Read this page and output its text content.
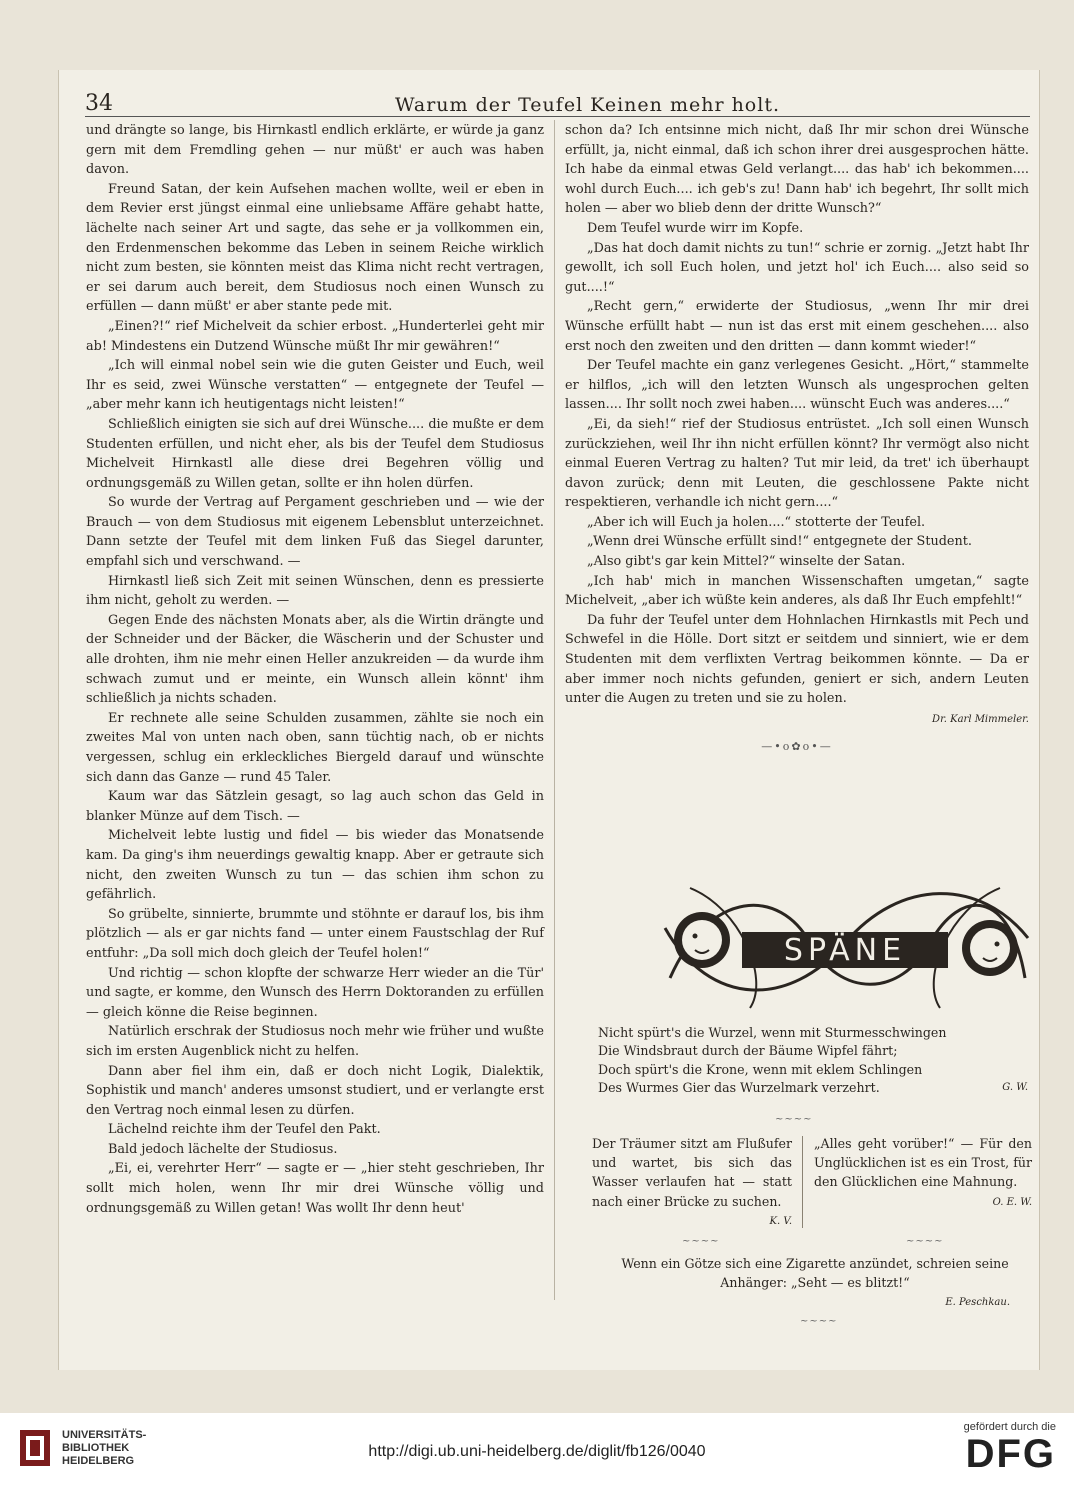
34	Warum der Teufel Keinen mehr holt.

und drängte so lange, bis Hirnkastl endlich erklärte, er würde ja ganz gern mit dem Fremdling gehen — nur müßt' er auch was haben davon.

Freund Satan, der kein Aufsehen machen wollte, weil er eben in dem Revier erst jüngst einmal eine unliebsame Affäre gehabt hatte, lächelte nach seiner Art und sagte, das sehe er ja vollkommen ein, den Erdenmenschen bekomme das Leben in seinem Reiche wirklich nicht zum besten, sie könnten meist das Klima nicht recht vertragen, er sei darum auch bereit, dem Studiosus noch einen Wunsch zu erfüllen — dann müßt' er aber stante pede mit.

„Einen?!“ rief Michelveit da schier erbost. „Hunderterlei geht mir ab! Mindestens ein Dutzend Wünsche müßt Ihr mir gewähren!“

„Ich will einmal nobel sein wie die guten Geister und Euch, weil Ihr es seid, zwei Wünsche verstatten“ — entgegnete der Teufel — „aber mehr kann ich heutigentags nicht leisten!“

Schließlich einigten sie sich auf drei Wünsche.... die mußte er dem Studenten erfüllen, und nicht eher, als bis der Teufel dem Studiosus Michelveit Hirnkastl alle diese drei Begehren völlig und ordnungsgemäß zu Willen getan, sollte er ihn holen dürfen.

So wurde der Vertrag auf Pergament geschrieben und — wie der Brauch — von dem Studiosus mit eigenem Lebensblut unterzeichnet. Dann setzte der Teufel mit dem linken Fuß das Siegel darunter, empfahl sich und verschwand. —

Hirnkastl ließ sich Zeit mit seinen Wünschen, denn es pressierte ihm nicht, geholt zu werden. —

Gegen Ende des nächsten Monats aber, als die Wirtin drängte und der Schneider und der Bäcker, die Wäscherin und der Schuster und alle drohten, ihm nie mehr einen Heller anzukreiden — da wurde ihm schwach zumut und er meinte, ein Wunsch allein könnt' ihm schließlich ja nichts schaden.

Er rechnete alle seine Schulden zusammen, zählte sie noch ein zweites Mal von unten nach oben, sann tüchtig nach, ob er nichts vergessen, schlug ein erkleckliches Biergeld darauf und wünschte sich dann das Ganze — rund 45 Taler.

Kaum war das Sätzlein gesagt, so lag auch schon das Geld in blanker Münze auf dem Tisch. —

Michelveit lebte lustig und fidel — bis wieder das Monatsende kam. Da ging's ihm neuerdings gewaltig knapp. Aber er getraute sich nicht, den zweiten Wunsch zu tun — das schien ihm schon zu gefährlich.

So grübelte, sinnierte, brummte und stöhnte er darauf los, bis ihm plötzlich — als er gar nichts fand — unter einem Faustschlag der Ruf entfuhr: „Da soll mich doch gleich der Teufel holen!“

Und richtig — schon klopfte der schwarze Herr wieder an die Tür' und sagte, er komme, den Wunsch des Herrn Doktoranden zu erfüllen — gleich könne die Reise beginnen.

Natürlich erschrak der Studiosus noch mehr wie früher und wußte sich im ersten Augenblick nicht zu helfen.

Dann aber fiel ihm ein, daß er doch nicht Logik, Dialektik, Sophistik und manch' anderes umsonst studiert, und er verlangte erst den Vertrag noch einmal lesen zu dürfen.

Lächelnd reichte ihm der Teufel den Pakt.

Bald jedoch lächelte der Studiosus.

„Ei, ei, verehrter Herr“ — sagte er — „hier steht geschrieben, Ihr sollt mich holen, wenn Ihr mir drei Wünsche völlig und ordnungsgemäß zu Willen getan! Was wollt Ihr denn heut'

schon da? Ich entsinne mich nicht, daß Ihr mir schon drei Wünsche erfüllt, ja, nicht einmal, daß ich schon ihrer drei ausgesprochen hätte. Ich habe da einmal etwas Geld verlangt.... das hab' ich bekommen.... wohl durch Euch.... ich geb's zu! Dann hab' ich begehrt, Ihr sollt mich holen — aber wo blieb denn der dritte Wunsch?“

Dem Teufel wurde wirr im Kopfe.

„Das hat doch damit nichts zu tun!“ schrie er zornig. „Jetzt habt Ihr gewollt, ich soll Euch holen, und jetzt hol' ich Euch.... also seid so gut....!“

„Recht gern,“ erwiderte der Studiosus, „wenn Ihr mir drei Wünsche erfüllt habt — nun ist das erst mit einem geschehen.... also erst noch den zweiten und den dritten — dann kommt wieder!“

Der Teufel machte ein ganz verlegenes Gesicht. „Hört,“ stammelte er hilflos, „ich will den letzten Wunsch als ungesprochen gelten lassen.... Ihr sollt noch zwei haben.... wünscht Euch was anderes....“

„Ei, da sieh!“ rief der Studiosus entrüstet. „Ich soll einen Wunsch zurückziehen, weil Ihr ihn nicht erfüllen könnt? Ihr vermögt also nicht einmal Eueren Vertrag zu halten? Tut mir leid, da tret' ich überhaupt davon zurück; denn mit Leuten, die geschlossene Pakte nicht respektieren, verhandle ich nicht gern....“

„Aber ich will Euch ja holen....“ stotterte der Teufel.

„Wenn drei Wünsche erfüllt sind!“ entgegnete der Student.

„Also gibt's gar kein Mittel?“ winselte der Satan.

„Ich hab' mich in manchen Wissenschaften umgetan,“ sagte Michelveit, „aber ich wüßte kein anderes, als daß Ihr Euch empfehlt!“

Da fuhr der Teufel unter dem Hohnlachen Hirnkastls mit Pech und Schwefel in die Hölle. Dort sitzt er seitdem und sinniert, wie er dem Studenten mit dem verflixten Vertrag beikommen könnte. — Da er aber immer noch nichts gefunden, geniert er sich, andern Leuten unter die Augen zu treten und sie zu holen.

Dr. Karl Mimmeler.
—•o✿o•—
SPÄNE
Nicht spürt's die Wurzel, wenn mit Sturmesschwingen
Die Windsbraut durch der Bäume Wipfel fährt;
Doch spürt's die Krone, wenn mit eklem Schlingen
Des Wurmes Gier das Wurzelmark verzehrt.	G. W.
~~~~
Der Träumer sitzt am Flußufer und wartet, bis sich das Wasser verlaufen hat — statt nach einer Brücke zu suchen.
K. V.
„Alles geht vorüber!“ — Für den Unglücklichen ist es ein Trost, für den Glücklichen eine Mahnung.
O. E. W.
~~~~	~~~~
Wenn ein Götze sich eine Zigarette anzündet, schreien seine Anhänger: „Seht — es blitzt!“
E. Peschkau.
~~~~
UNIVERSITÄTS-
BIBLIOTHEK
HEIDELBERG
http://digi.ub.uni-heidelberg.de/diglit/fb126/0040
gefördert durch die
DFG
